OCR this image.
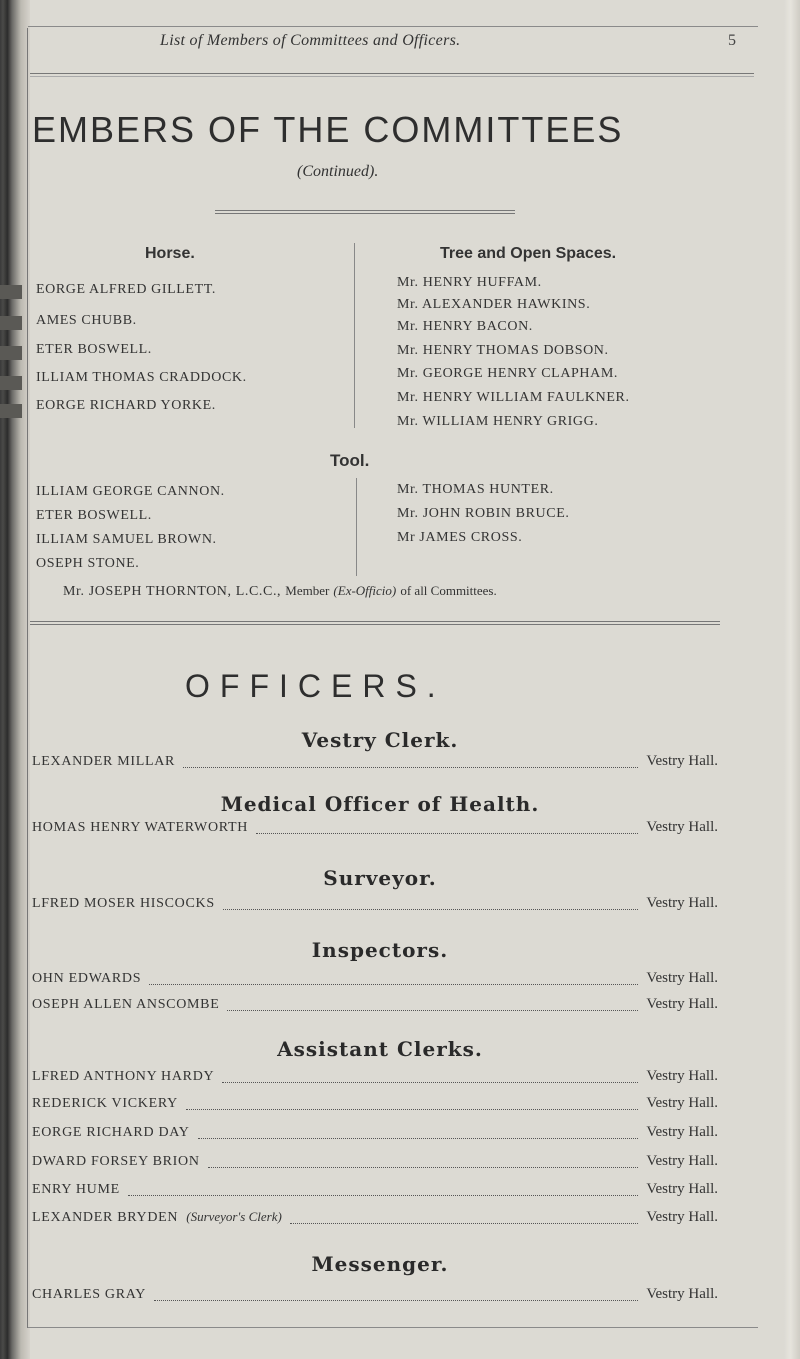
List of Members of Committees and Officers.	5
EMBERS OF THE COMMITTEES
(Continued).
Horse.	Tree and Open Spaces.
EORGE ALFRED GILLETT.
AMES CHUBB.
ETER BOSWELL.
ILLIAM THOMAS CRADDOCK.
EORGE RICHARD YORKE.
Mr. HENRY HUFFAM.
Mr. ALEXANDER HAWKINS.
Mr. HENRY BACON.
Mr. HENRY THOMAS DOBSON.
Mr. GEORGE HENRY CLAPHAM.
Mr. HENRY WILLIAM FAULKNER.
Mr. WILLIAM HENRY GRIGG.
Tool.
ILLIAM GEORGE CANNON.
ETER BOSWELL.
ILLIAM SAMUEL BROWN.
OSEPH STONE.
Mr. THOMAS HUNTER.
Mr. JOHN ROBIN BRUCE.
Mr JAMES CROSS.
Mr. JOSEPH THORNTON, L.C.C., Member (Ex-Officio) of all Committees.
OFFICERS.
Vestry Clerk.
LEXANDER MILLAR	Vestry Hall.
Medical Officer of Health.
HOMAS HENRY WATERWORTH	Vestry Hall.
Surveyor.
LFRED MOSER HISCOCKS	Vestry Hall.
Inspectors.
OHN EDWARDS	Vestry Hall.
OSEPH ALLEN ANSCOMBE	Vestry Hall.
Assistant Clerks.
LFRED ANTHONY HARDY	Vestry Hall.
REDERICK VICKERY	Vestry Hall.
EORGE RICHARD DAY	Vestry Hall.
DWARD FORSEY BRION	Vestry Hall.
ENRY HUME	Vestry Hall.
LEXANDER BRYDEN (Surveyor's Clerk)	Vestry Hall.
Messenger.
CHARLES GRAY	Vestry Hall.
